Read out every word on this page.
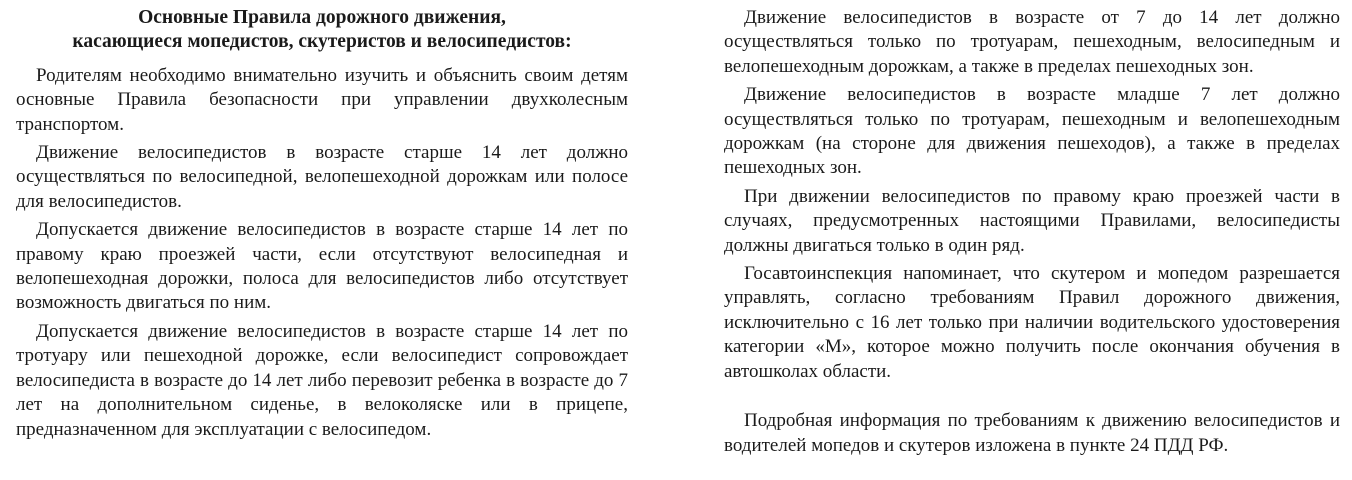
Основные Правила дорожного движения,
касающиеся мопедистов, скутеристов и велосипедистов:

Родителям необходимо внимательно изучить и объяснить своим детям основные Правила безопасности при управлении двухколесным транспортом.

Движение велосипедистов в возрасте старше 14 лет должно осуществляться по велосипедной, велопешеходной дорожкам или полосе для велосипедистов.

Допускается движение велосипедистов в возрасте старше 14 лет по правому краю проезжей части, если отсутствуют велосипедная и велопешеходная дорожки, полоса для велосипедистов либо отсутствует возможность двигаться по ним.

Допускается движение велосипедистов в возрасте старше 14 лет по тротуару или пешеходной дорожке, если велосипедист сопровождает велосипедиста в возрасте до 14 лет либо перевозит ребенка в возрасте до 7 лет на дополнительном сиденье, в велоколяске или в прицепе, предназначенном для эксплуатации с велосипедом.

Движение велосипедистов в возрасте от 7 до 14 лет должно осуществляться только по тротуарам, пешеходным, велосипедным и велопешеходным дорожкам, а также в пределах пешеходных зон.

Движение велосипедистов в возрасте младше 7 лет должно осуществляться только по тротуарам, пешеходным и велопешеходным дорожкам (на стороне для движения пешеходов), а также в пределах пешеходных зон.

При движении велосипедистов по правому краю проезжей части в случаях, предусмотренных настоящими Правилами, велосипедисты должны двигаться только в один ряд.

Госавтоинспекция напоминает, что скутером и мопедом разрешается управлять, согласно требованиям Правил дорожного движения, исключительно с 16 лет только при наличии водительского удостоверения категории «М», которое можно получить после окончания обучения в автошколах области.

Подробная информация по требованиям к движению велосипедистов и водителей мопедов и скутеров изложена в пункте 24 ПДД РФ.
